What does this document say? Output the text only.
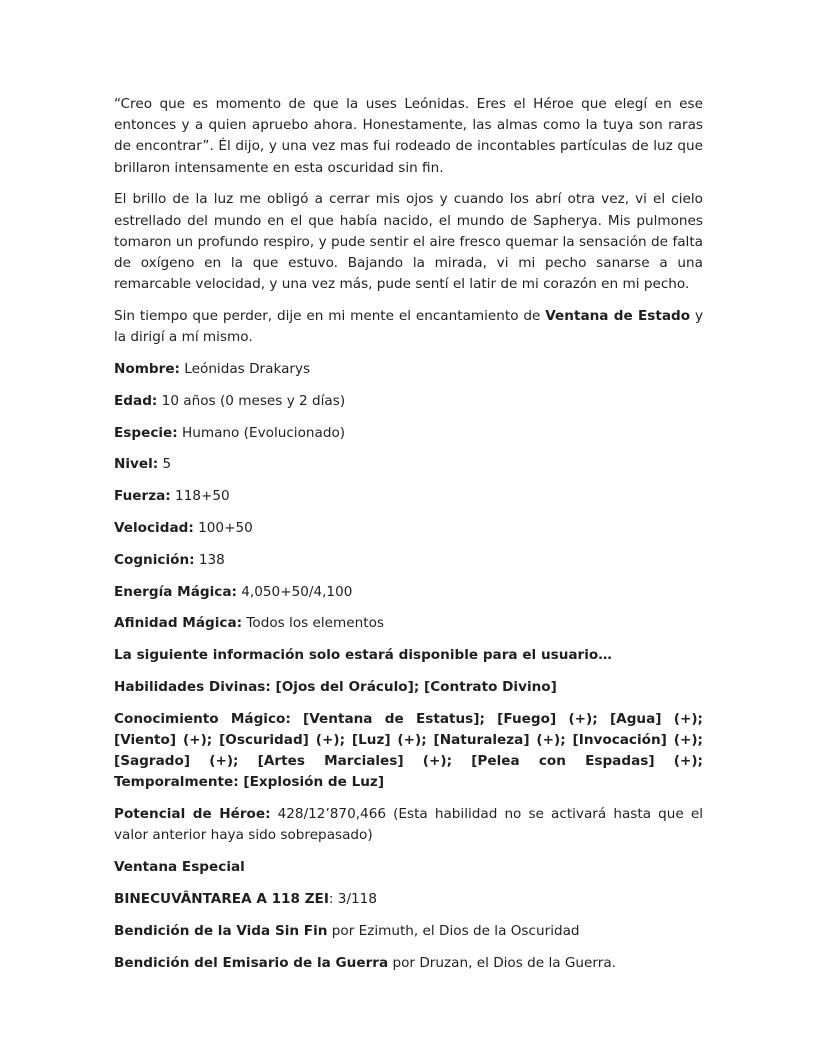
“Creo que es momento de que la uses Leónidas. Eres el Héroe que elegí en ese entonces y a quien apruebo ahora. Honestamente, las almas como la tuya son raras de encontrar”. Él dijo, y una vez mas fui rodeado de incontables partículas de luz que brillaron intensamente en esta oscuridad sin fin.

El brillo de la luz me obligó a cerrar mis ojos y cuando los abrí otra vez, vi el cielo estrellado del mundo en el que había nacido, el mundo de Sapherya. Mis pulmones tomaron un profundo respiro, y pude sentir el aire fresco quemar la sensación de falta de oxígeno en la que estuvo. Bajando la mirada, vi mi pecho sanarse a una remarcable velocidad, y una vez más, pude sentí el latir de mi corazón en mi pecho.

Sin tiempo que perder, dije en mi mente el encantamiento de Ventana de Estado y la dirigí a mí mismo.

Nombre: Leónidas Drakarys

Edad: 10 años (0 meses y 2 días)

Especie: Humano (Evolucionado)

Nivel: 5

Fuerza: 118+50

Velocidad: 100+50

Cognición: 138

Energía Mágica: 4,050+50/4,100

Afinidad Mágica: Todos los elementos

La siguiente información solo estará disponible para el usuario…

Habilidades Divinas: [Ojos del Oráculo]; [Contrato Divino]

Conocimiento Mágico: [Ventana de Estatus]; [Fuego] (+); [Agua] (+); [Viento] (+); [Oscuridad] (+); [Luz] (+); [Naturaleza] (+); [Invocación] (+); [Sagrado] (+); [Artes Marciales] (+); [Pelea con Espadas] (+); Temporalmente: [Explosión de Luz]

Potencial de Héroe: 428/12’870,466 (Esta habilidad no se activará hasta que el valor anterior haya sido sobrepasado)

Ventana Especial

BINECUVÂNTAREA A 118 ZEI: 3/118

Bendición de la Vida Sin Fin por Ezimuth, el Dios de la Oscuridad

Bendición del Emisario de la Guerra por Druzan, el Dios de la Guerra.
